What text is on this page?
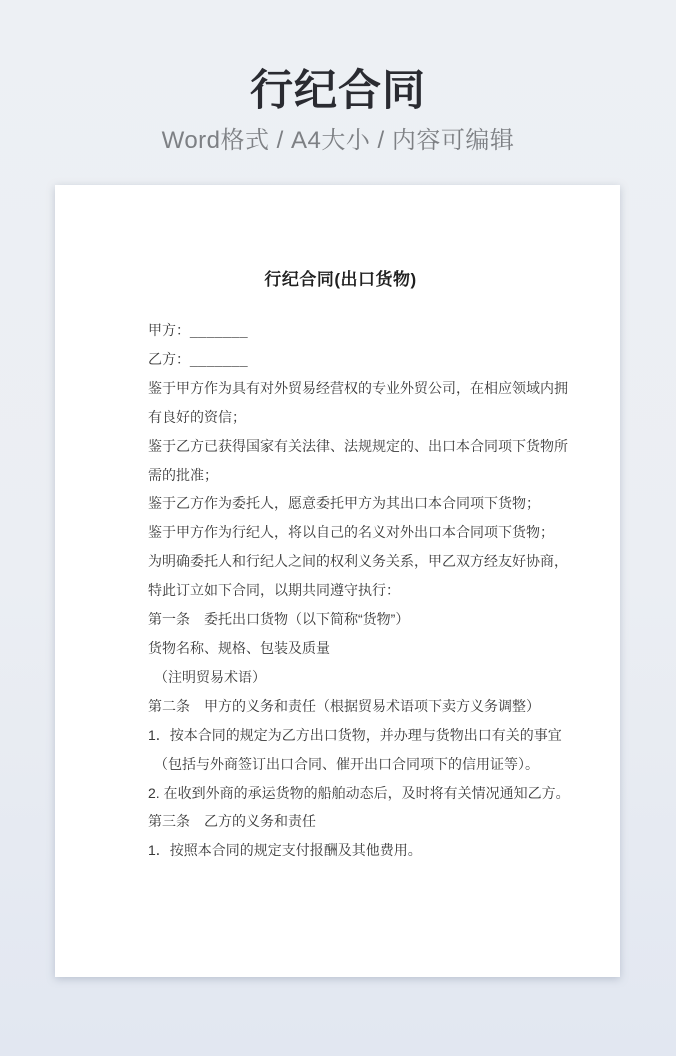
行纪合同
Word格式 / A4大小 / 内容可编辑
行纪合同(出口货物)
甲方：_______
乙方：_______
鉴于甲方作为具有对外贸易经营权的专业外贸公司，在相应领域内拥
有良好的资信；
鉴于乙方已获得国家有关法律、法规规定的、出口本合同项下货物所
需的批准；
鉴于乙方作为委托人，愿意委托甲方为其出口本合同项下货物；
鉴于甲方作为行纪人，将以自己的名义对外出口本合同项下货物；
为明确委托人和行纪人之间的权利义务关系，甲乙双方经友好协商，
特此订立如下合同，以期共同遵守执行：
第一条　委托出口货物（以下简称“货物”）
货物名称、规格、包装及质量
（注明贸易术语）
第二条　甲方的义务和责任（根据贸易术语项下卖方义务调整）
1．按本合同的规定为乙方出口货物，并办理与货物出口有关的事宜
（包括与外商签订出口合同、催开出口合同项下的信用证等）。
2. 在收到外商的承运货物的船舶动态后，及时将有关情况通知乙方。
第三条　乙方的义务和责任
1．按照本合同的规定支付报酬及其他费用。
